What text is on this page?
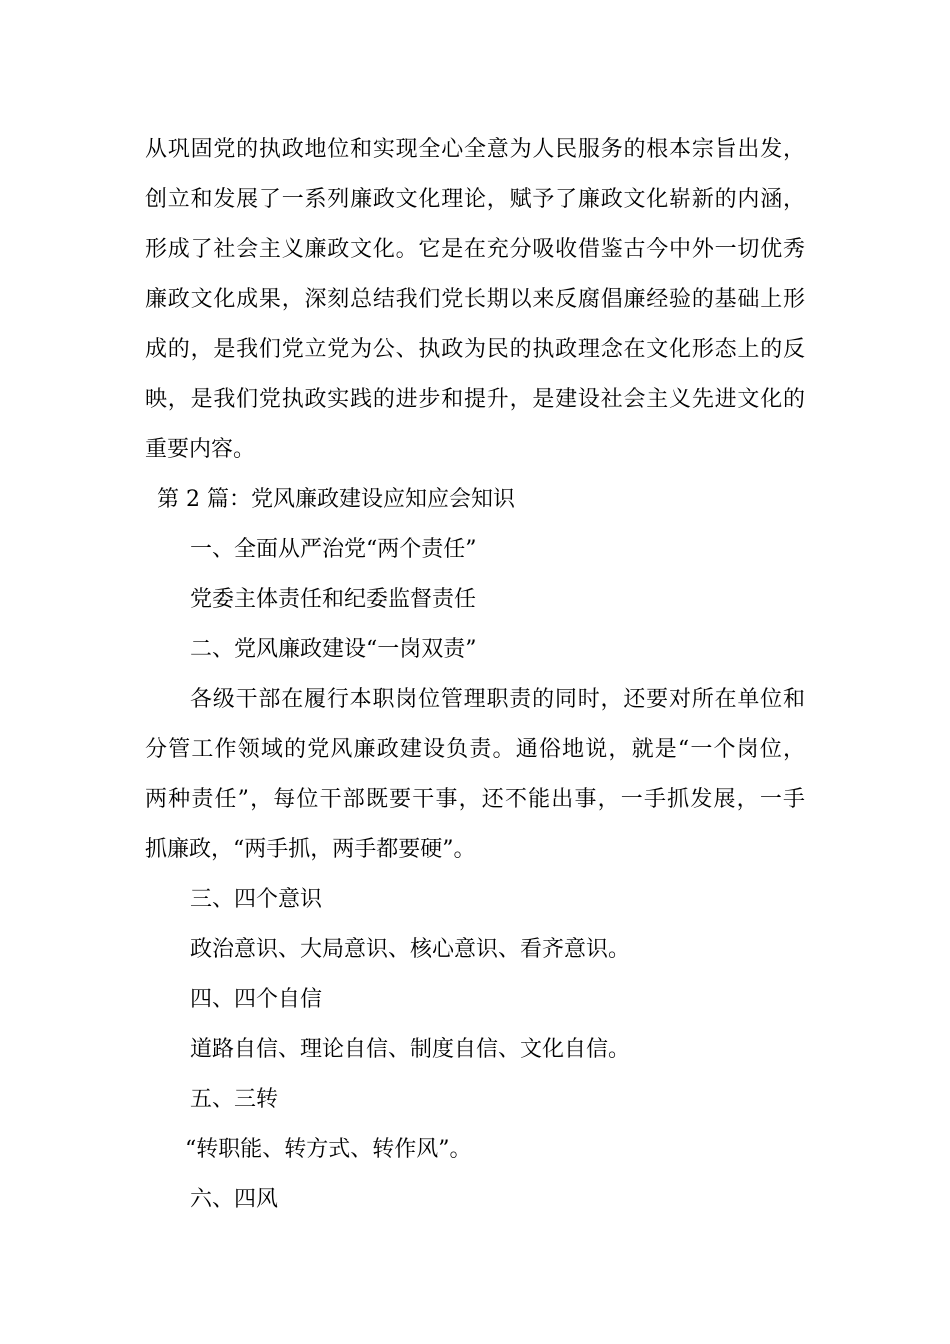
从巩固党的执政地位和实现全心全意为人民服务的根本宗旨出发，
创立和发展了一系列廉政文化理论，赋予了廉政文化崭新的内涵，
形成了社会主义廉政文化。它是在充分吸收借鉴古今中外一切优秀
廉政文化成果，深刻总结我们党长期以来反腐倡廉经验的基础上形
成的，是我们党立党为公、执政为民的执政理念在文化形态上的反
映，是我们党执政实践的进步和提升，是建设社会主义先进文化的
重要内容。
第 2 篇：党风廉政建设应知应会知识
一、全面从严治党“两个责任”
党委主体责任和纪委监督责任
二、党风廉政建设“一岗双责”
各级干部在履行本职岗位管理职责的同时，还要对所在单位和
分管工作领域的党风廉政建设负责。通俗地说，就是“一个岗位，
两种责任”，每位干部既要干事，还不能出事，一手抓发展，一手
抓廉政，“两手抓，两手都要硬”。
三、四个意识
政治意识、大局意识、核心意识、看齐意识。
四、四个自信
道路自信、理论自信、制度自信、文化自信。
五、三转
“转职能、转方式、转作风”。
六、四风
